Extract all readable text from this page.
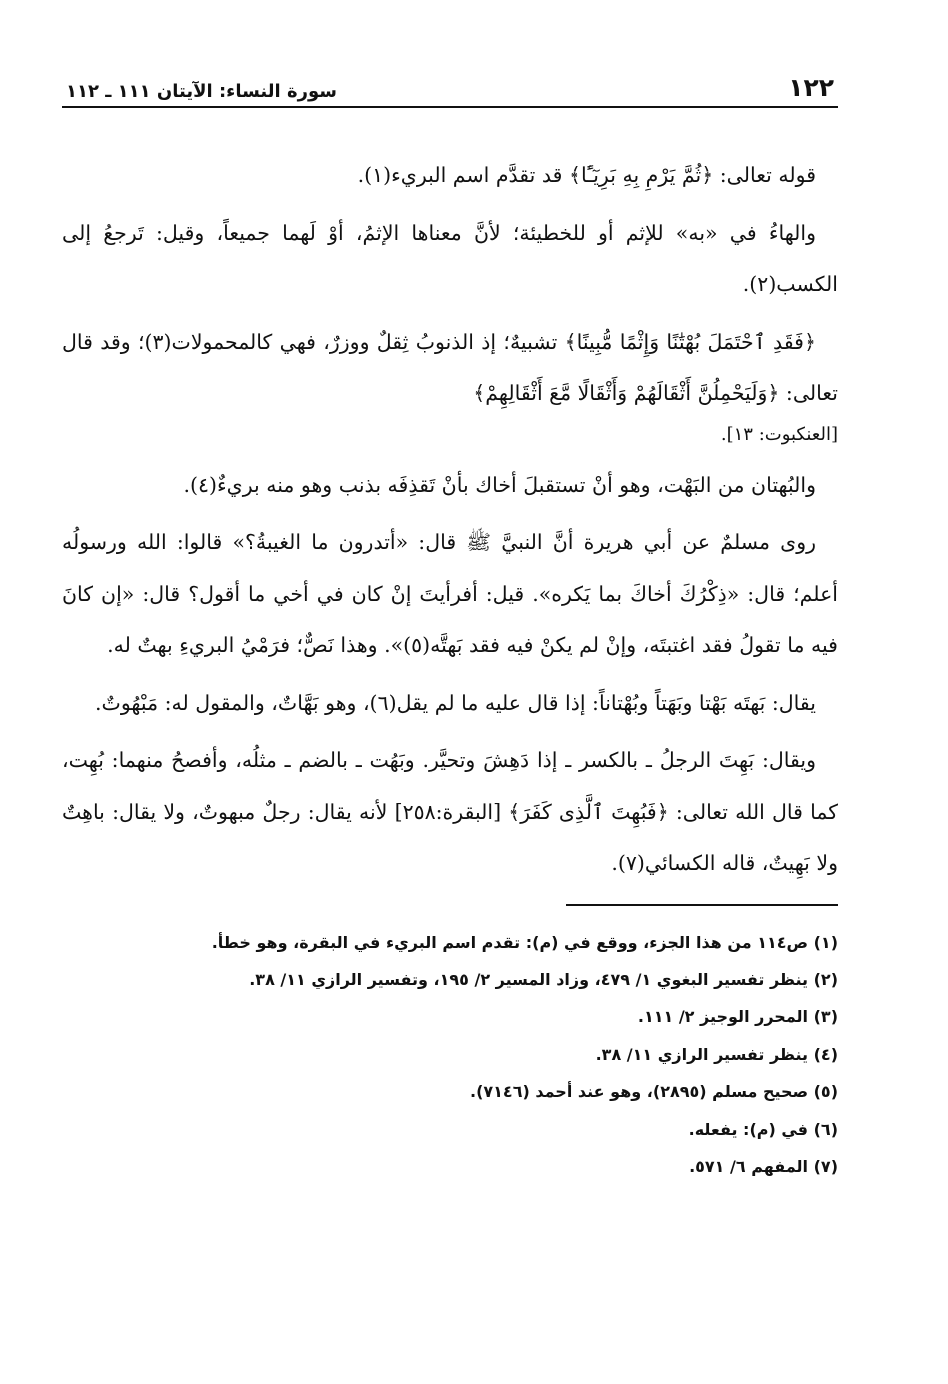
١٢٢
سورة النساء: الآيتان ١١١ ـ ١١٢

قوله تعالى: ﴿ثُمَّ يَرْمِ بِهِ بَرِيٓـًٔا﴾ قد تقدَّم اسم البريء(١).

والهاءُ في «به» للإثم أو للخطيئة؛ لأنَّ معناها الإثمُ، أوْ لَهما جميعاً، وقيل: تَرجعُ إلى الكسب(٢).

﴿فَقَدِ ٱحْتَمَلَ بُهْتَٰنًا وَإِثْمًا مُّبِينًا﴾ تشبيهٌ؛ إذ الذنوبُ ثِقلٌ ووزرٌ، فهي كالمحمولات(٣)؛ وقد قال تعالى: ﴿وَلَيَحْمِلُنَّ أَثْقَالَهُمْ وَأَثْقَالًا مَّعَ أَثْقَالِهِمْ﴾

[العنكبوت: ١٣].

والبُهتان من البَهْت، وهو أنْ تستقبلَ أخاك بأنْ تَقذِفَه بذنب وهو منه بريءٌ(٤).

روى مسلمٌ عن أبي هريرة أنَّ النبيَّ ﷺ قال: «أتدرون ما الغيبةُ؟» قالوا: الله ورسولُه أعلم؛ قال: «ذِكْرُكَ أخاكَ بما يَكره». قيل: أفرأيتَ إنْ كان في أخي ما أقول؟ قال: «إن كانَ فيه ما تقولُ فقد اغتبتَه، وإنْ لم يكنْ فيه فقد بَهتَّه(٥)». وهذا نَصٌّ؛ فرَمْيُ البريءِ بهتٌ له.

يقال: بَهتَه بَهْتا وبَهَتاً وبُهْتاناً: إذا قال عليه ما لم يقل(٦)، وهو بَهَّاتٌ، والمقول له: مَبْهُوتٌ.

ويقال: بَهِتَ الرجلُ ـ بالكسر ـ إذا دَهِشَ وتحيَّر. وبَهُت ـ بالضم ـ مثلُه، وأفصحُ منهما: بُهِت، كما قال الله تعالى: ﴿فَبُهِتَ ٱلَّذِى كَفَرَ﴾ [البقرة:٢٥٨] لأنه يقال: رجلٌ مبهوتٌ، ولا يقال: باهِتٌ ولا بَهِيتٌ، قاله الكسائي(٧).

(١) ص١١٤ من هذا الجزء، ووقع في (م): تقدم اسم البريء في البقرة، وهو خطأ.
(٢) ينظر تفسير البغوي ١/ ٤٧٩، وزاد المسير ٢/ ١٩٥، وتفسير الرازي ١١/ ٣٨.
(٣) المحرر الوجيز ٢/ ١١١.
(٤) ينظر تفسير الرازي ١١/ ٣٨.
(٥) صحيح مسلم (٢٨٩٥)، وهو عند أحمد (٧١٤٦).
(٦) في (م): يفعله.
(٧) المفهم ٦/ ٥٧١.
